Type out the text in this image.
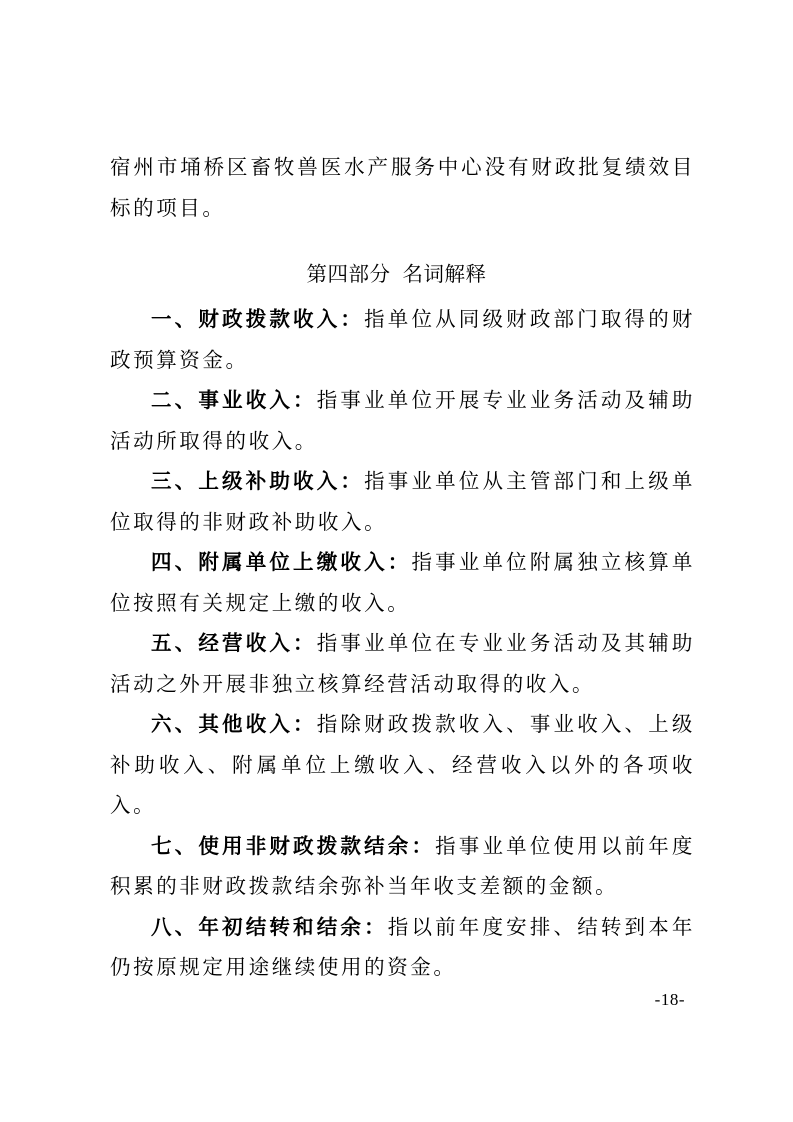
宿州市埇桥区畜牧兽医水产服务中心没有财政批复绩效目标的项目。
第四部分 名词解释

一、财政拨款收入：指单位从同级财政部门取得的财政预算资金。

二、事业收入：指事业单位开展专业业务活动及辅助活动所取得的收入。

三、上级补助收入：指事业单位从主管部门和上级单位取得的非财政补助收入。

四、附属单位上缴收入：指事业单位附属独立核算单位按照有关规定上缴的收入。

五、经营收入：指事业单位在专业业务活动及其辅助活动之外开展非独立核算经营活动取得的收入。

六、其他收入：指除财政拨款收入、事业收入、上级补助收入、附属单位上缴收入、经营收入以外的各项收入。

七、使用非财政拨款结余：指事业单位使用以前年度积累的非财政拨款结余弥补当年收支差额的金额。

八、年初结转和结余：指以前年度安排、结转到本年仍按原规定用途继续使用的资金。

-18-
